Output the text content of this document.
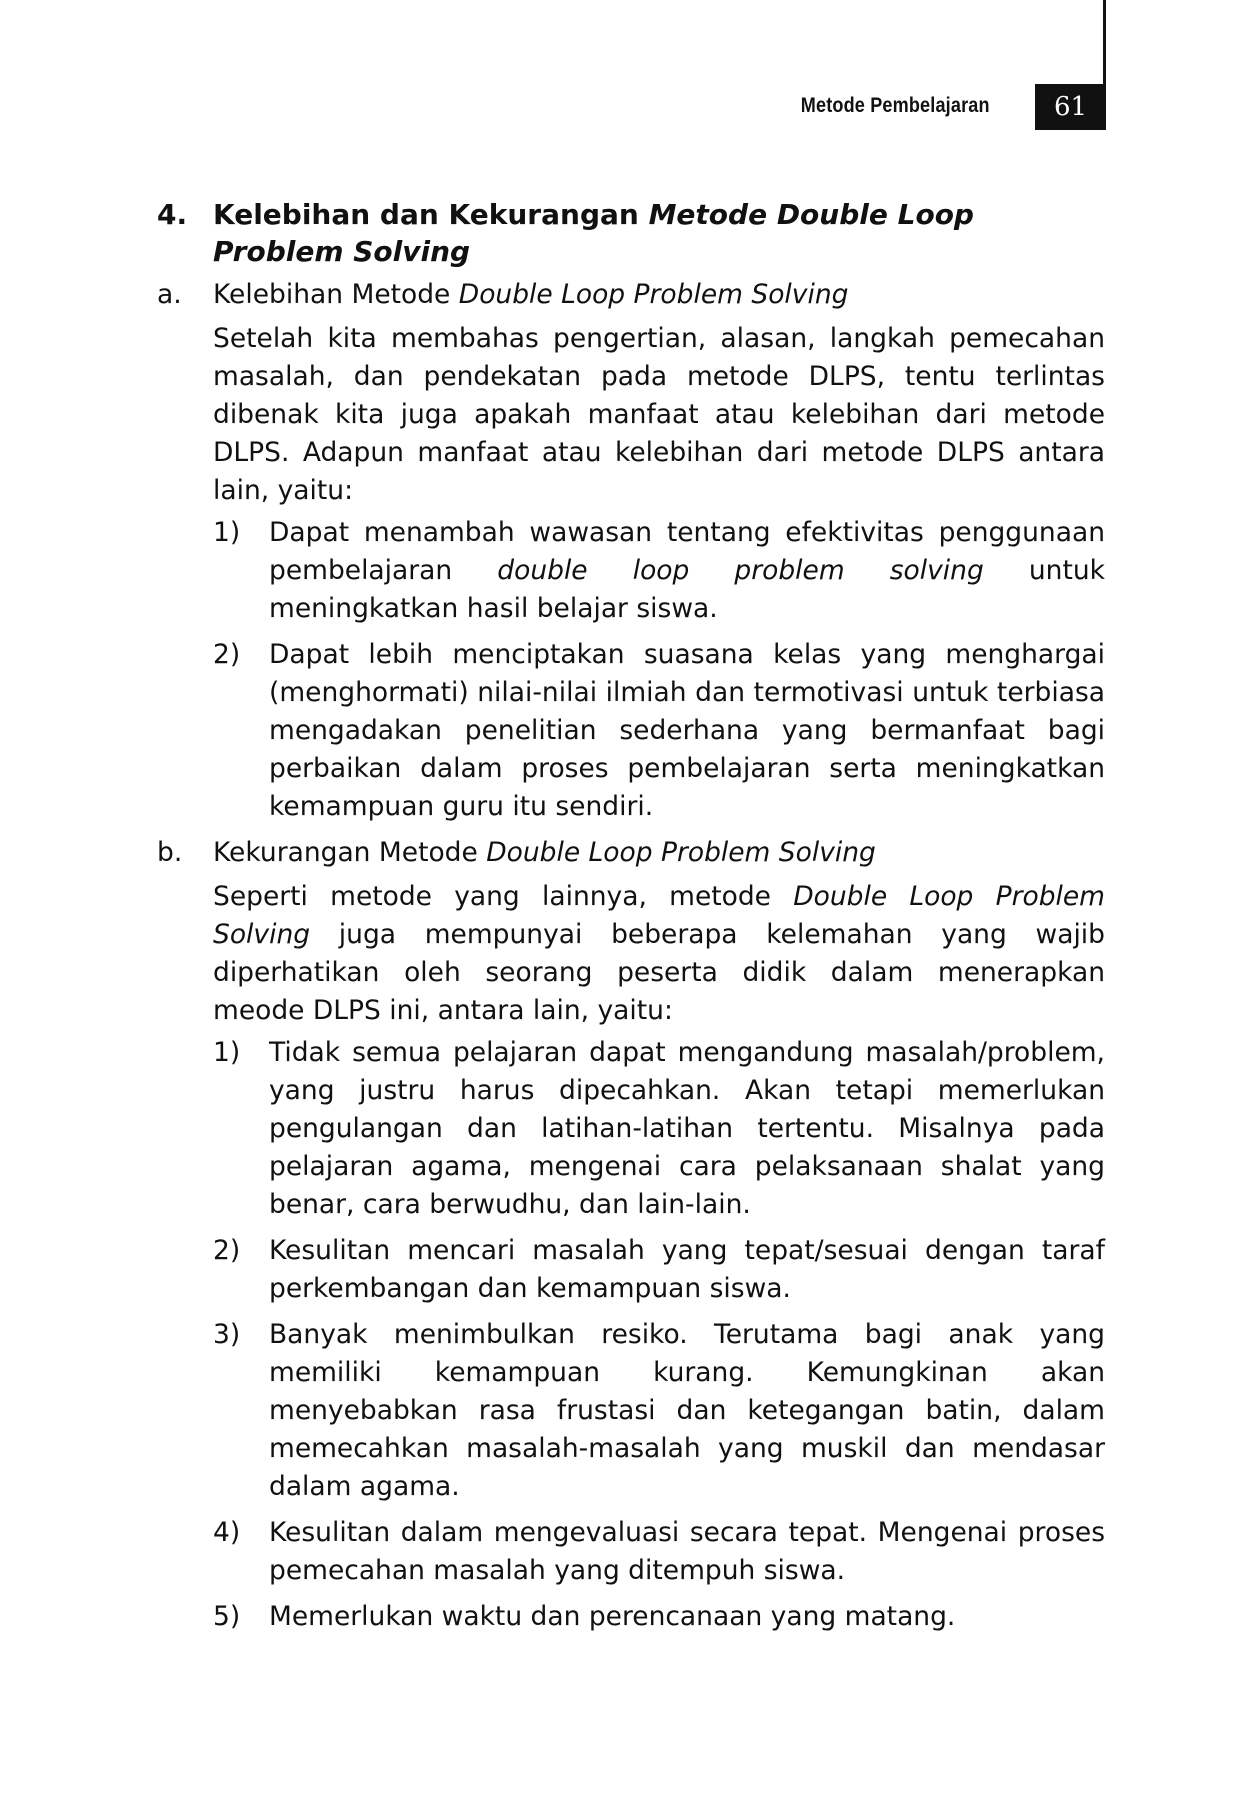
Metode Pembelajaran	61
4. Kelebihan dan Kekurangan Metode Double Loop Problem Solving
a.	Kelebihan Metode Double Loop Problem Solving
Setelah kita membahas pengertian, alasan, langkah pemecahan masalah, dan pendekatan pada metode DLPS, tentu terlintas dibenak kita juga apakah manfaat atau kelebihan dari metode DLPS. Adapun manfaat atau kelebihan dari metode DLPS antara lain, yaitu:
1)	Dapat menambah wawasan tentang efektivitas penggunaan pembelajaran double loop problem solving untuk meningkatkan hasil belajar siswa.
2)	Dapat lebih menciptakan suasana kelas yang menghargai (menghormati) nilai-nilai ilmiah dan termotivasi untuk terbiasa mengadakan penelitian sederhana yang bermanfaat bagi perbaikan dalam proses pembelajaran serta meningkatkan kemampuan guru itu sendiri.
b.	Kekurangan Metode Double Loop Problem Solving
Seperti metode yang lainnya, metode Double Loop Problem Solving juga mempunyai beberapa kelemahan yang wajib diperhatikan oleh seorang peserta didik dalam menerapkan meode DLPS ini, antara lain, yaitu:
1)	Tidak semua pelajaran dapat mengandung masalah/problem, yang justru harus dipecahkan. Akan tetapi memerlukan pengulangan dan latihan-latihan tertentu. Misalnya pada pelajaran agama, mengenai cara pelaksanaan shalat yang benar, cara berwudhu, dan lain-lain.
2)	Kesulitan mencari masalah yang tepat/sesuai dengan taraf perkembangan dan kemampuan siswa.
3)	Banyak menimbulkan resiko. Terutama bagi anak yang memiliki kemampuan kurang. Kemungkinan akan menyebabkan rasa frustasi dan ketegangan batin, dalam memecahkan masalah-masalah yang muskil dan mendasar dalam agama.
4)	Kesulitan dalam mengevaluasi secara tepat. Mengenai proses pemecahan masalah yang ditempuh siswa.
5)	Memerlukan waktu dan perencanaan yang matang.
